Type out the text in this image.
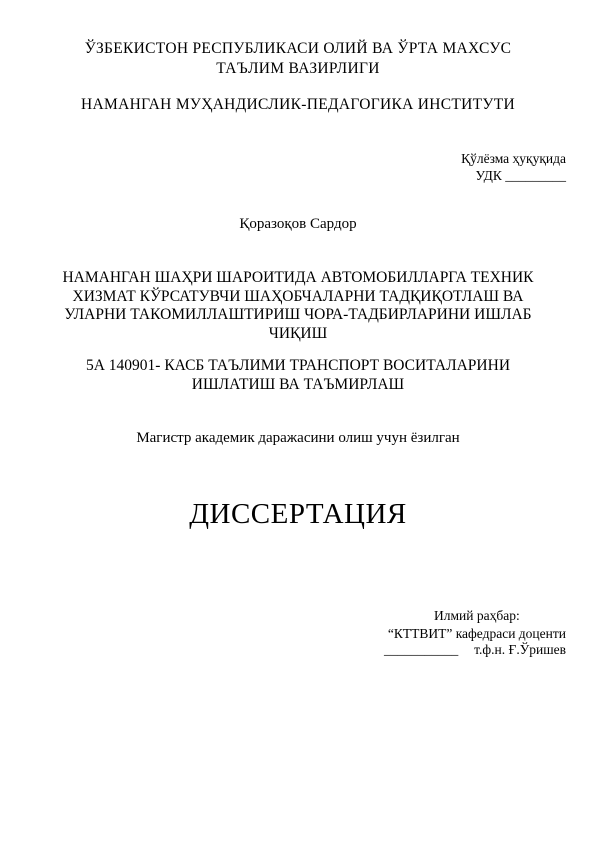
ЎЗБЕКИСТОН РЕСПУБЛИКАСИ ОЛИЙ ВА ЎРТА МАХСУС
ТАЪЛИМ ВАЗИРЛИГИ
НАМАНГАН МУҲАНДИСЛИК-ПЕДАГОГИКА ИНСТИТУТИ
Қўлёзма ҳуқуқида
УДК _________
Қоразоқов Сардор
НАМАНГАН ШАҲРИ ШАРОИТИДА АВТОМОБИЛЛАРГА ТЕХНИК
ХИЗМАТ КЎРСАТУВЧИ ШАҲОБЧАЛАРНИ ТАДҚИҚОТЛАШ ВА
УЛАРНИ ТАКОМИЛЛАШТИРИШ ЧОРА-ТАДБИРЛАРИНИ ИШЛАБ
ЧИҚИШ
5А 140901- КАСБ ТАЪЛИМИ ТРАНСПОРТ ВОСИТАЛАРИНИ
ИШЛАТИШ ВА ТАЪМИРЛАШ
Магистр академик даражасини олиш учун ёзилган
ДИССЕРТАЦИЯ
Илмий раҳбар:
“КТТВИТ” кафедраси доценти
___________ т.ф.н. Ғ.Ўришев
